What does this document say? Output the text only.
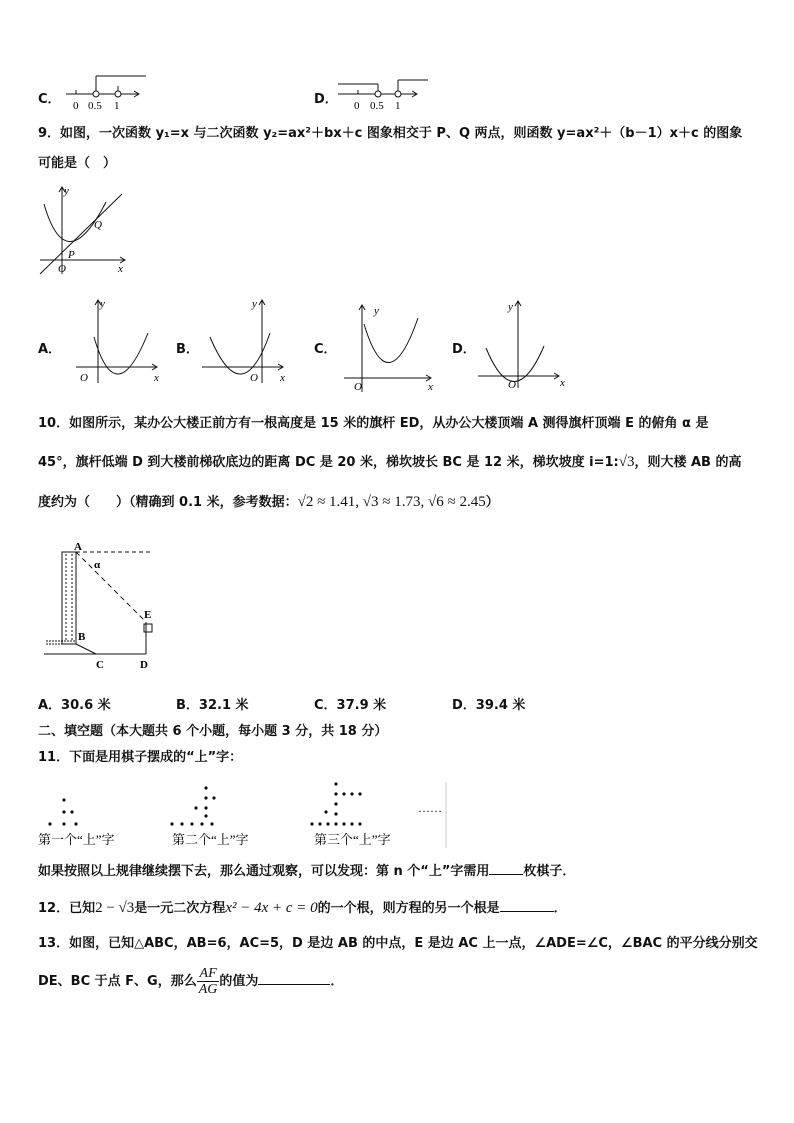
C． 0 0.5 1	D． 0 0.5 1
9．如图，一次函数 y₁=x 与二次函数 y₂=ax²＋bx＋c 图象相交于 P、Q 两点，则函数 y=ax²＋（b－1）x＋c 的图象
可能是（　）
y
x
O
P
Q
A．
y
x
O
B．
y
x
O
C．
y
x
O
D．
y
x
O
10．如图所示，某办公大楼正前方有一根高度是 15 米的旗杆 ED，从办公大楼顶端 A 测得旗杆顶端 E 的俯角 α 是
45°，旗杆低端 D 到大楼前梯砍底边的距离 DC 是 20 米，梯坎坡长 BC 是 12 米，梯坎坡度 i=1:√3，则大楼 AB 的高
度约为（　　）（精确到 0.1 米，参考数据：√2 ≈ 1.41, √3 ≈ 1.73, √6 ≈ 2.45）
A
α
B
C	D
E
A．30.6 米	B．32.1 米	C．37.9 米	D．39.4 米
二、填空题（本大题共 6 个小题，每小题 3 分，共 18 分）
11．下面是用棋子摆成的“上”字：
……
第一个“上”字	第二个“上”字	第三个“上”字
如果按照以上规律继续摆下去，那么通过观察，可以发现：第 n 个“上”字需用	枚棋子．
12．已知2 − √3是一元二次方程x² − 4x + c = 0的一个根，则方程的另一个根是	．
13．如图，已知△ABC，AB=6，AC=5，D 是边 AB 的中点，E 是边 AC 上一点，∠ADE=∠C，∠BAC 的平分线分别交
DE、BC 于点 F、G，那么 $\frac{AF}{AG}$ 的值为	．
